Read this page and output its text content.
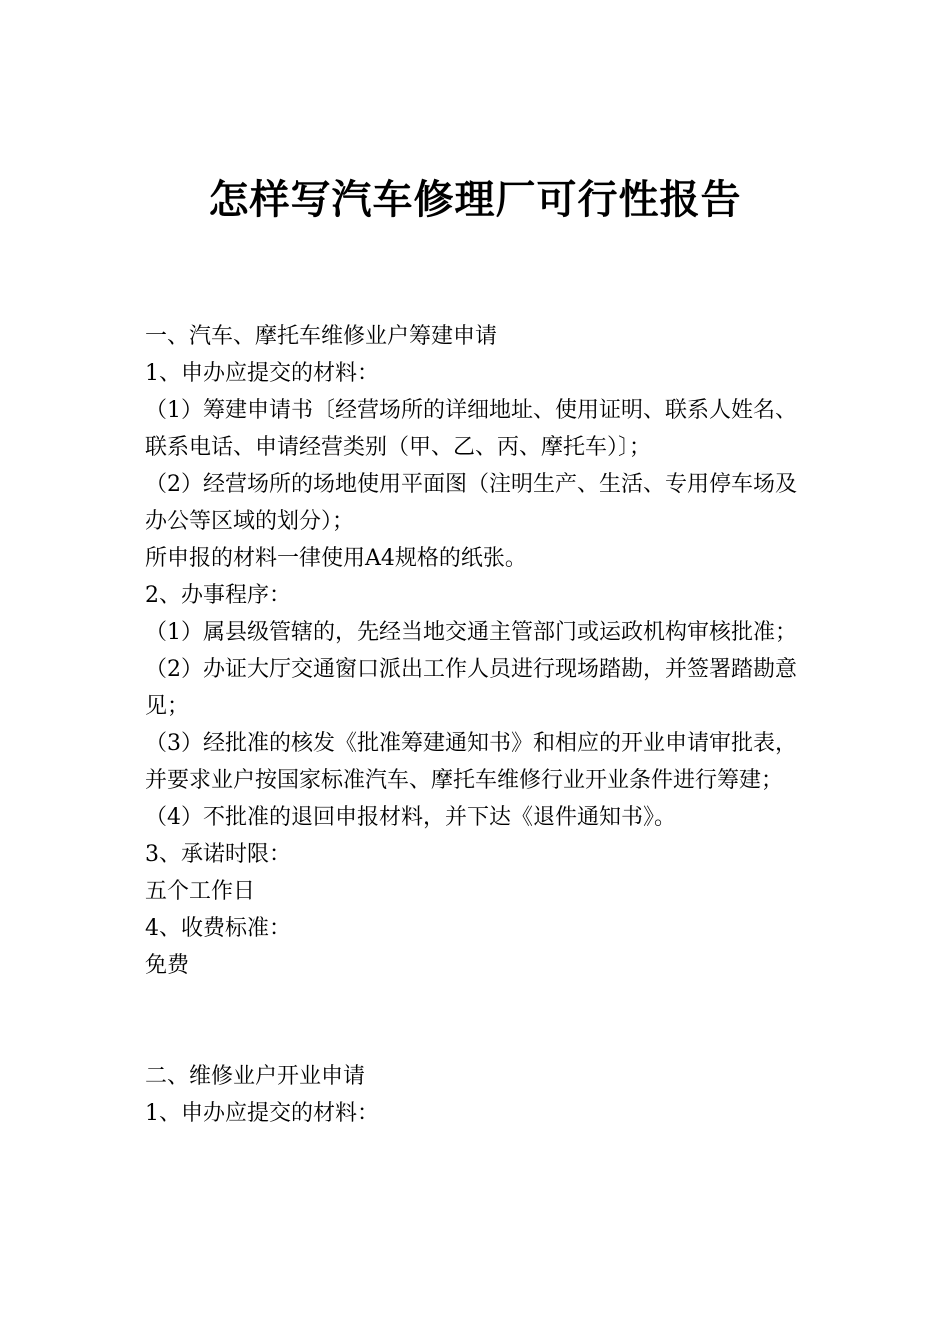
怎样写汽车修理厂可行性报告

一、汽车、摩托车维修业户筹建申请

1、申办应提交的材料：

（1）筹建申请书〔经营场所的详细地址、使用证明、联系人姓名、联系电话、申请经营类别（甲、乙、丙、摩托车）〕；

（2）经营场所的场地使用平面图（注明生产、生活、专用停车场及办公等区域的划分）；

所申报的材料一律使用A4规格的纸张。

2、办事程序：

（1）属县级管辖的，先经当地交通主管部门或运政机构审核批准；

（2）办证大厅交通窗口派出工作人员进行现场踏勘，并签署踏勘意见；

（3）经批准的核发《批准筹建通知书》和相应的开业申请审批表，并要求业户按国家标准汽车、摩托车维修行业开业条件进行筹建；

（4）不批准的退回申报材料，并下达《退件通知书》。

3、承诺时限：

五个工作日

4、收费标准：

免费

二、维修业户开业申请

1、申办应提交的材料：
